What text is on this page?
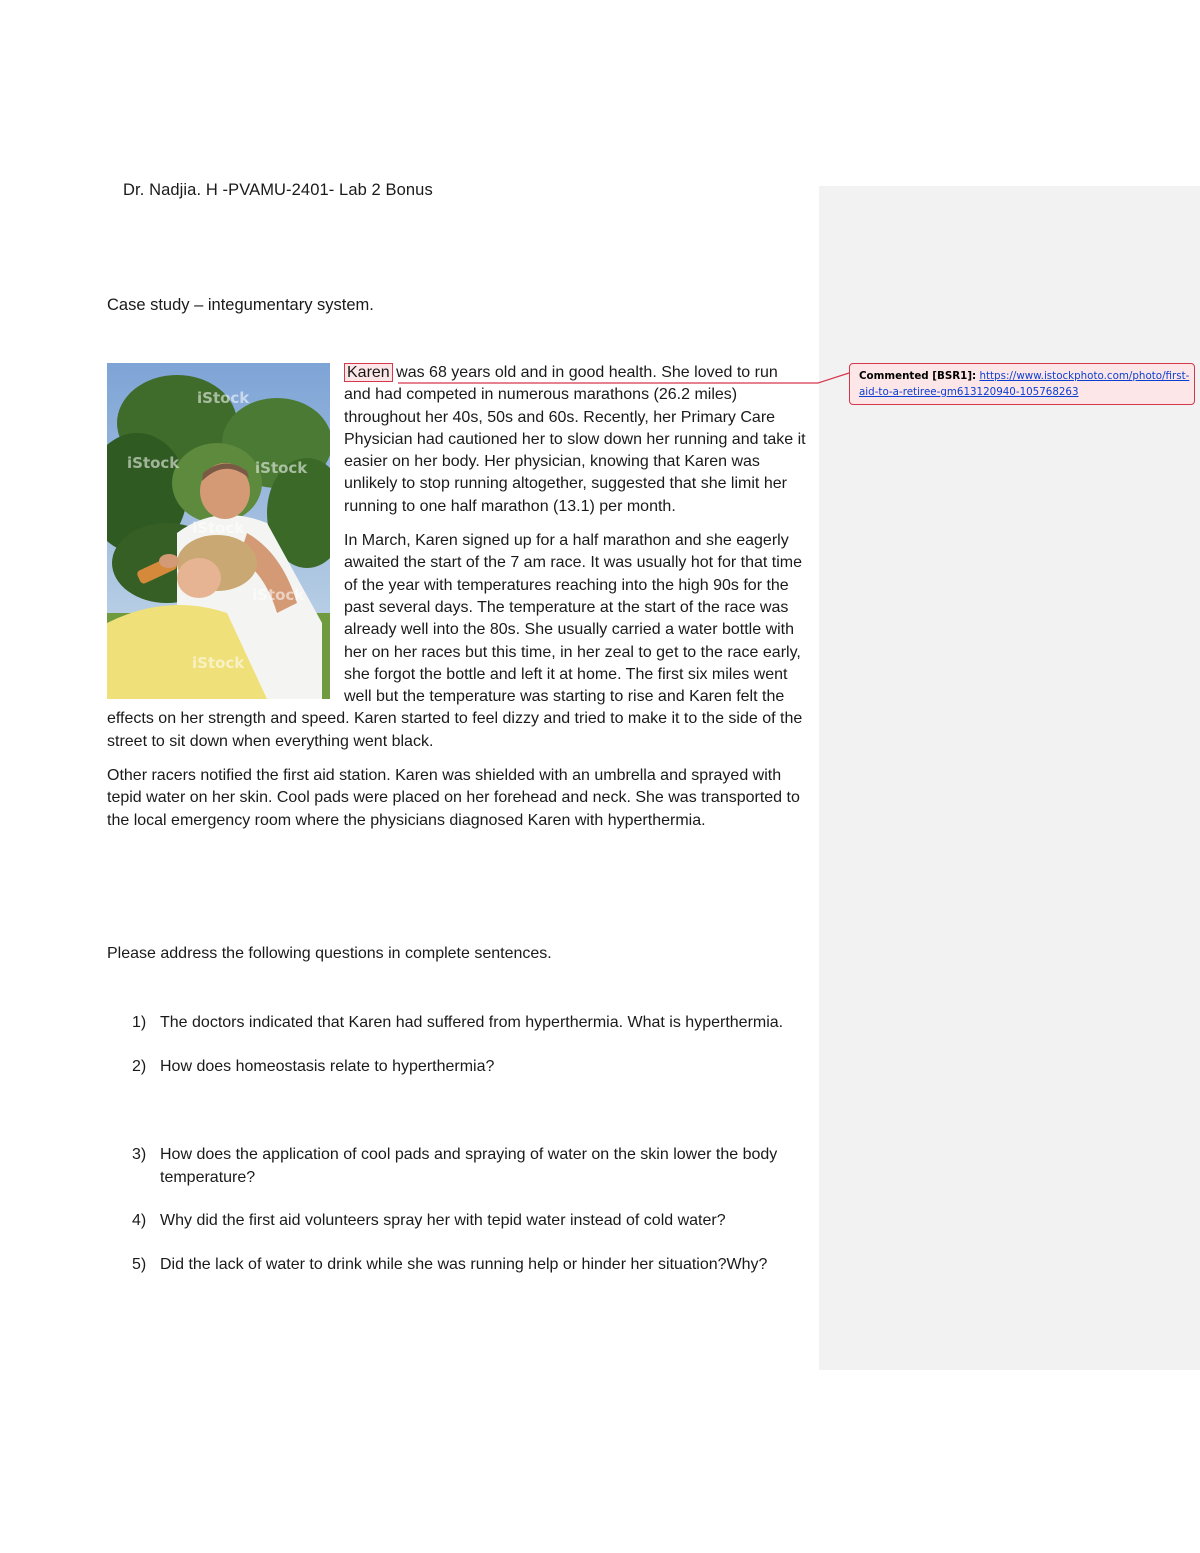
Dr. Nadjia. H -PVAMU-2401- Lab 2 Bonus
Case study – integumentary system.
iStock
iStock	iStock
iStock
iStock
iStock

Karen was 68 years old and in good health. She loved to run and had competed in numerous marathons (26.2 miles) throughout her 40s, 50s and 60s. Recently, her Primary Care Physician had cautioned her to slow down her running and take it easier on her body. Her physician, knowing that Karen was unlikely to stop running altogether, suggested that she limit her running to one half marathon (13.1) per month.

In March, Karen signed up for a half marathon and she eagerly awaited the start of the 7 am race. It was usually hot for that time of the year with temperatures reaching into the high 90s for the past several days. The temperature at the start of the race was already well into the 80s. She usually carried a water bottle with her on her races but this time, in her zeal to get to the race early, she forgot the bottle and left it at home. The first six miles went well but the temperature was starting to rise and Karen felt the effects on her strength and speed. Karen started to feel dizzy and tried to make it to the side of the street to sit down when everything went black.

Other racers notified the first aid station. Karen was shielded with an umbrella and sprayed with tepid water on her skin. Cool pads were placed on her forehead and neck. She was transported to the local emergency room where the physicians diagnosed Karen with hyperthermia.

Please address the following questions in complete sentences.
1) The doctors indicated that Karen had suffered from hyperthermia. What is hyperthermia.
2) How does homeostasis relate to hyperthermia?
3) How does the application of cool pads and spraying of water on the skin lower the body temperature?
4) Why did the first aid volunteers spray her with tepid water instead of cold water?
5) Did the lack of water to drink while she was running help or hinder her situation?Why?
Commented [BSR1]: https://www.istockphoto.com/photo/first-aid-to-a-retiree-gm613120940-105768263
